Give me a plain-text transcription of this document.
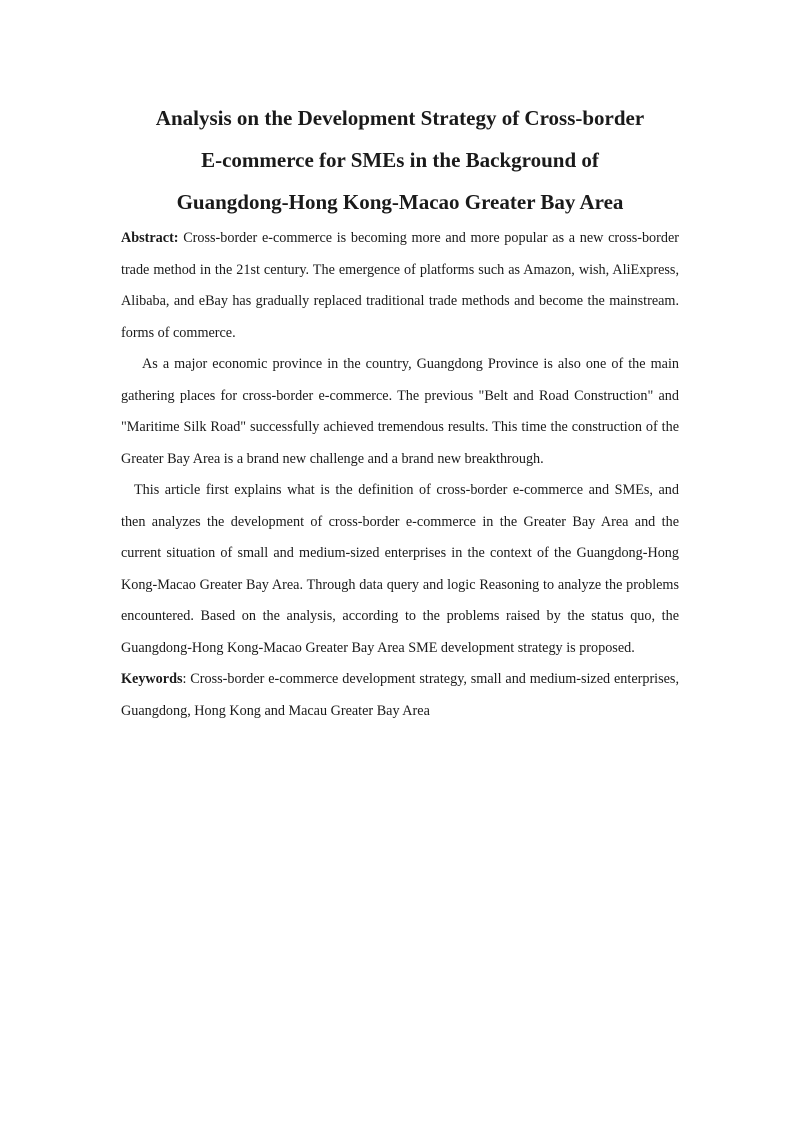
Analysis on the Development Strategy of Cross-border
E-commerce for SMEs in the Background of
Guangdong-Hong Kong-Macao Greater Bay Area

Abstract: Cross-border e-commerce is becoming more and more popular as a new cross-border trade method in the 21st century. The emergence of platforms such as Amazon, wish, AliExpress, Alibaba, and eBay has gradually replaced traditional trade methods and become the mainstream. forms of commerce.

As a major economic province in the country, Guangdong Province is also one of the main gathering places for cross-border e-commerce. The previous "Belt and Road Construction" and "Maritime Silk Road" successfully achieved tremendous results. This time the construction of the Greater Bay Area is a brand new challenge and a brand new breakthrough.

This article first explains what is the definition of cross-border e-commerce and SMEs, and then analyzes the development of cross-border e-commerce in the Greater Bay Area and the current situation of small and medium-sized enterprises in the context of the Guangdong-Hong Kong-Macao Greater Bay Area. Through data query and logic Reasoning to analyze the problems encountered. Based on the analysis, according to the problems raised by the status quo, the Guangdong-Hong Kong-Macao Greater Bay Area SME development strategy is proposed.

Keywords: Cross-border e-commerce development strategy, small and medium-sized enterprises, Guangdong, Hong Kong and Macau Greater Bay Area
